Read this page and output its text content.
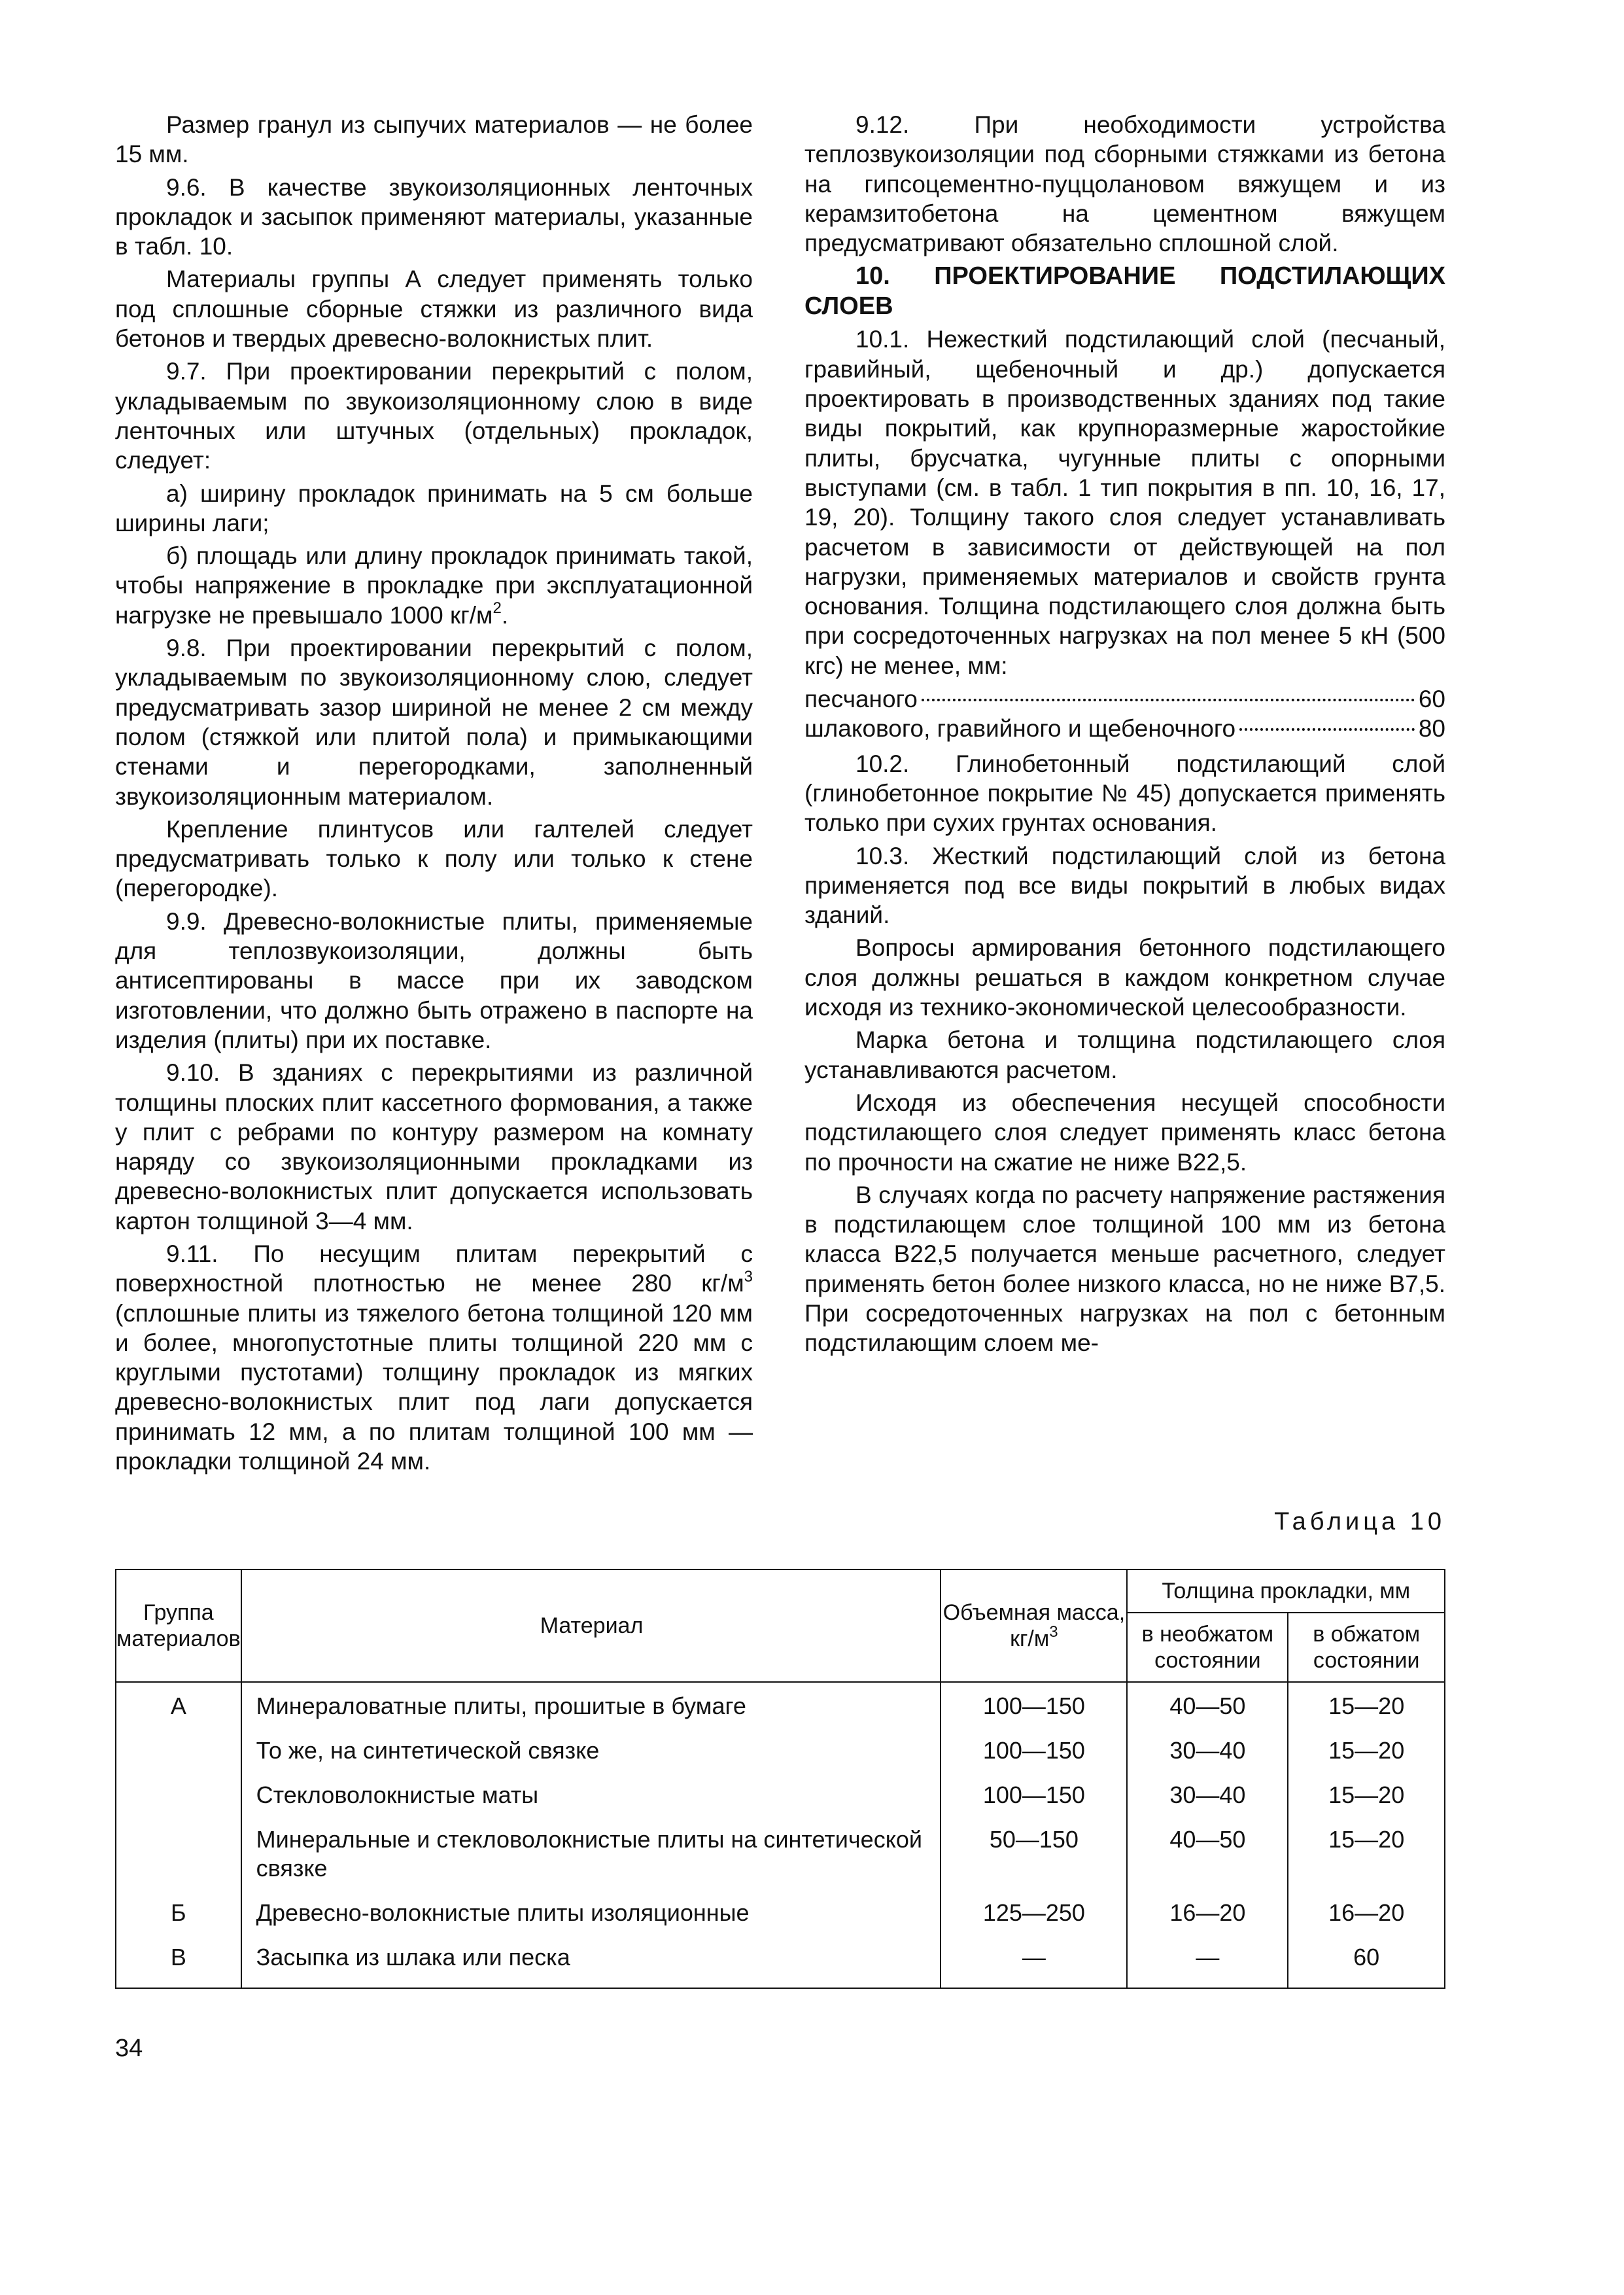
Размер гранул из сыпучих материалов — не более 15 мм.

9.6. В качестве звукоизоляционных ленточных прокладок и засыпок применяют материалы, указанные в табл. 10.

Материалы группы А следует применять только под сплошные сборные стяжки из различного вида бетонов и твердых древесно-волокнистых плит.

9.7. При проектировании перекрытий с полом, укладываемым по звукоизоляционному слою в виде ленточных или штучных (отдельных) прокладок, следует:

а) ширину прокладок принимать на 5 см больше ширины лаги;

б) площадь или длину прокладок принимать такой, чтобы напряжение в прокладке при эксплуатационной нагрузке не превышало 1000 $кг/м^2$.

9.8. При проектировании перекрытий с полом, укладываемым по звукоизоляционному слою, следует предусматривать зазор шириной не менее 2 см между полом (стяжкой или плитой пола) и примыкающими стенами и перегородками, заполненный звукоизоляционным материалом.

Крепление плинтусов или галтелей следует предусматривать только к полу или только к стене (перегородке).

9.9. Древесно-волокнистые плиты, применяемые для теплозвукоизоляции, должны быть антисептированы в массе при их заводском изготовлении, что должно быть отражено в паспорте на изделия (плиты) при их поставке.

9.10. В зданиях с перекрытиями из различной толщины плоских плит кассетного формования, а также у плит с ребрами по контуру размером на комнату наряду со звукоизоляционными прокладками из древесно-волокнистых плит допускается использовать картон толщиной 3—4 мм.

9.11. По несущим плитам перекрытий с поверхностной плотностью не менее 280 $кг/м^3$ (сплошные плиты из тяжелого бетона толщиной 120 мм и более, многопустотные плиты толщиной 220 мм с круглыми пустотами) толщину прокладок из мягких древесно-волокнистых плит под лаги допускается принимать 12 мм, а по плитам толщиной 100 мм — прокладки толщиной 24 мм.

9.12. При необходимости устройства теплозвукоизоляции под сборными стяжками из бетона на гипсоцементно-пуццолановом вяжущем и из керамзитобетона на цементном вяжущем предусматривают обязательно сплошной слой.

10. ПРОЕКТИРОВАНИЕ ПОДСТИЛАЮЩИХ СЛОЕВ

10.1. Нежесткий подстилающий слой (песчаный, гравийный, щебеночный и др.) допускается проектировать в производственных зданиях под такие виды покрытий, как крупноразмерные жаростойкие плиты, брусчатка, чугунные плиты с опорными выступами (см. в табл. 1 тип покрытия в пп. 10, 16, 17, 19, 20). Толщину такого слоя следует устанавливать расчетом в зависимости от действующей на пол нагрузки, применяемых материалов и свойств грунта основания. Толщина подстилающего слоя должна быть при сосредоточенных нагрузках на пол менее 5 кН (500 кгс) не менее, мм:

песчаного	60
шлакового, гравийного и щебеночного	80

10.2. Глинобетонный подстилающий слой (глинобетонное покрытие № 45) допускается применять только при сухих грунтах основания.

10.3. Жесткий подстилающий слой из бетона применяется под все виды покрытий в любых видах зданий.

Вопросы армирования бетонного подстилающего слоя должны решаться в каждом конкретном случае исходя из технико-экономической целесообразности.

Марка бетона и толщина подстилающего слоя устанавливаются расчетом.

Исходя из обеспечения несущей способности подстилающего слоя следует применять класс бетона по прочности на сжатие не ниже В22,5.

В случаях когда по расчету напряжение растяжения в подстилающем слое толщиной 100 мм из бетона класса В22,5 получается меньше расчетного, следует применять бетон более низкого класса, но не ниже В7,5. При сосредоточенных нагрузках на пол с бетонным подстилающим слоем ме-

Таблица 10
Группа материалов	Материал	Объемная масса, $кг/м^3$	Толщина прокладки, мм	
			в необжатом состоянии	в обжатом состоянии
А	Минераловатные плиты, прошитые в бумаге	100—150	40—50	15—20
	То же, на синтетической связке	100—150	30—40	15—20
	Стекловолокнистые маты	100—150	30—40	15—20
	Минеральные и стекловолокнистые плиты на синтетической связке	50—150	40—50	15—20
Б	Древесно-волокнистые плиты изоляционные	125—250	16—20	16—20
В	Засыпка из шлака или песка	—	—	60
34
